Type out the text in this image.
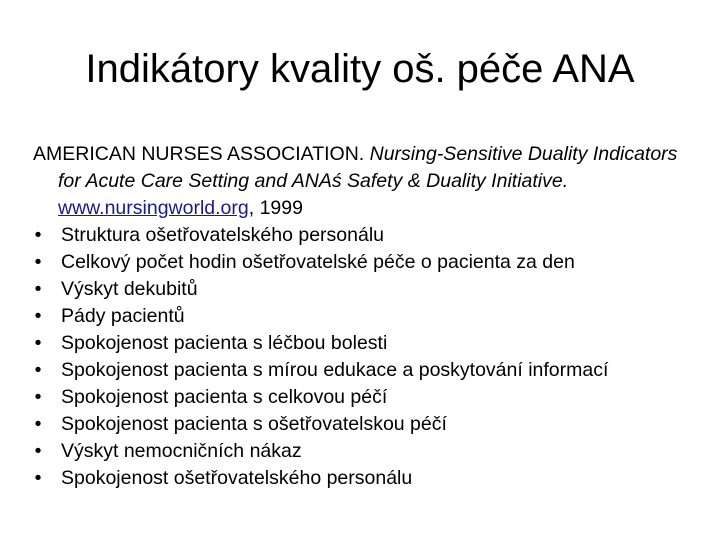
Indikátory kvality oš. péče ANA

AMERICAN NURSES ASSOCIATION. Nursing-Sensitive Duality Indicators for Acute Care Setting and ANAś Safety & Duality Initiative. www.nursingworld.org, 1999

• Struktura ošetřovatelského personálu
• Celkový počet hodin ošetřovatelské péče o pacienta za den
• Výskyt dekubitů
• Pády pacientů
• Spokojenost pacienta s léčbou bolesti
• Spokojenost pacienta s mírou edukace a poskytování informací
• Spokojenost pacienta s celkovou péčí
• Spokojenost pacienta s ošetřovatelskou péčí
• Výskyt nemocničních nákaz
• Spokojenost ošetřovatelského personálu
